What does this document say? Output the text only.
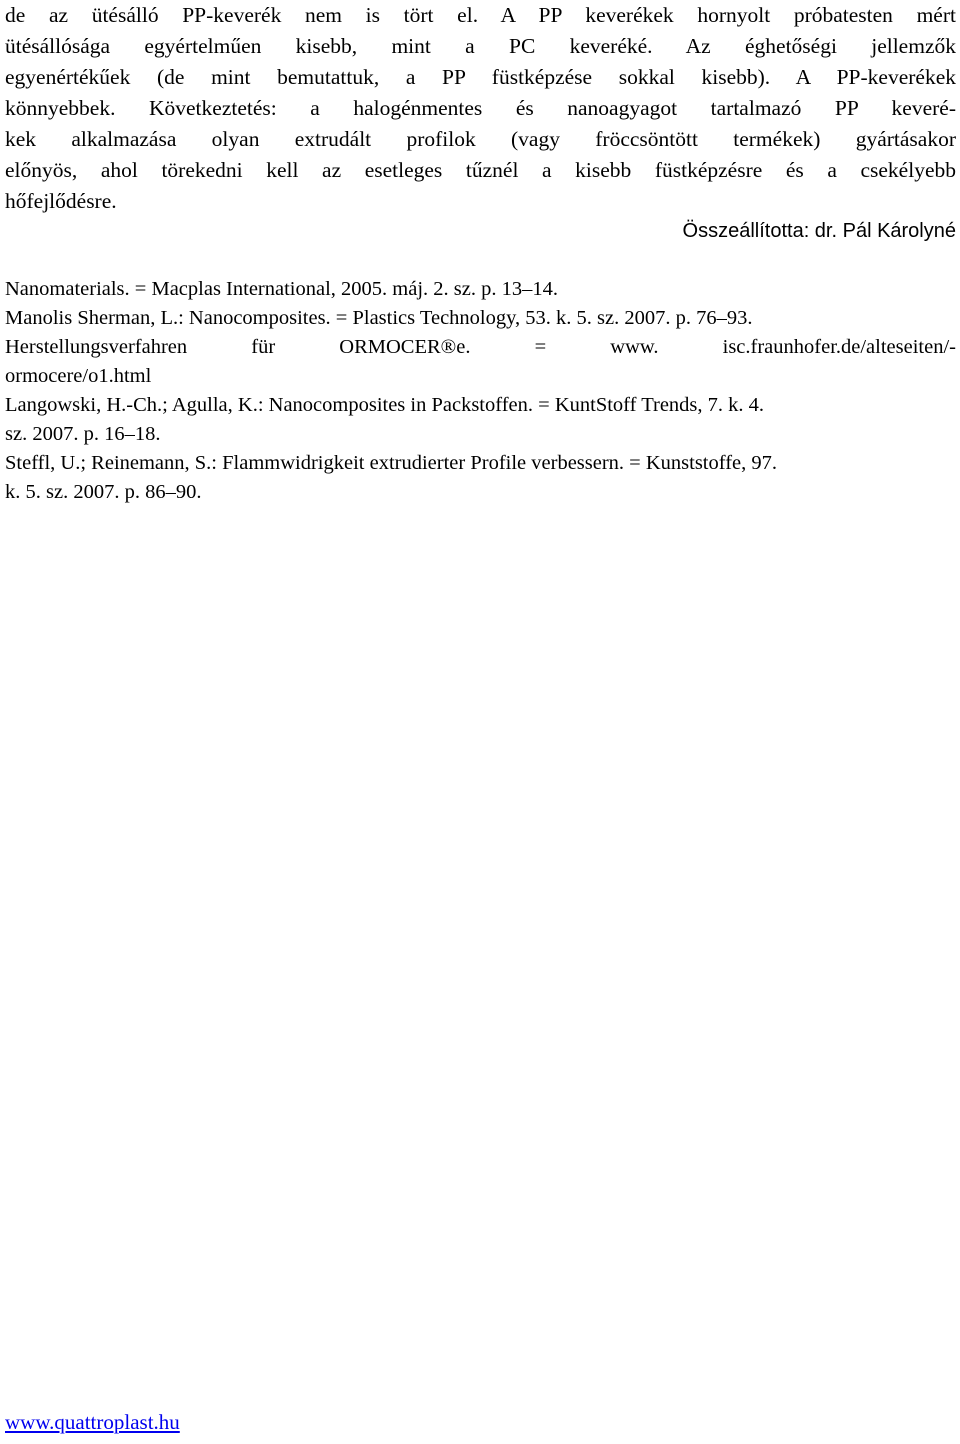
de az ütésálló PP-keverék nem is tört el. A PP keverékek hornyolt próbatesten mért
ütésállósága egyértelműen kisebb, mint a PC keveréké. Az éghetőségi jellemzők
egyenértékűek (de mint bemutattuk, a PP füstképzése sokkal kisebb). A PP-keverékek
könnyebbek. Következtetés: a halogénmentes és nanoagyagot tartalmazó PP keveré-
kek alkalmazása olyan extrudált profilok (vagy fröccsöntött termékek) gyártásakor
előnyös, ahol törekedni kell az esetleges tűznél a kisebb füstképzésre és a csekélyebb
hőfejlődésre.
Összeállította: dr. Pál Károlyné
Nanomaterials. = Macplas International, 2005. máj. 2. sz. p. 13–14.
Manolis Sherman, L.: Nanocomposites. = Plastics Technology, 53. k. 5. sz. 2007. p. 76–93.
Herstellungsverfahren für ORMOCER®e. = www. isc.fraunhofer.de/alteseiten/-
ormocere/o1.html
Langowski, H.-Ch.; Agulla, K.: Nanocomposites in Packstoffen. = KuntStoff Trends, 7. k. 4.
sz. 2007. p. 16–18.
Steffl, U.; Reinemann, S.: Flammwidrigkeit extrudierter Profile verbessern. = Kunststoffe, 97.
k. 5. sz. 2007. p. 86–90.
www.quattroplast.hu
